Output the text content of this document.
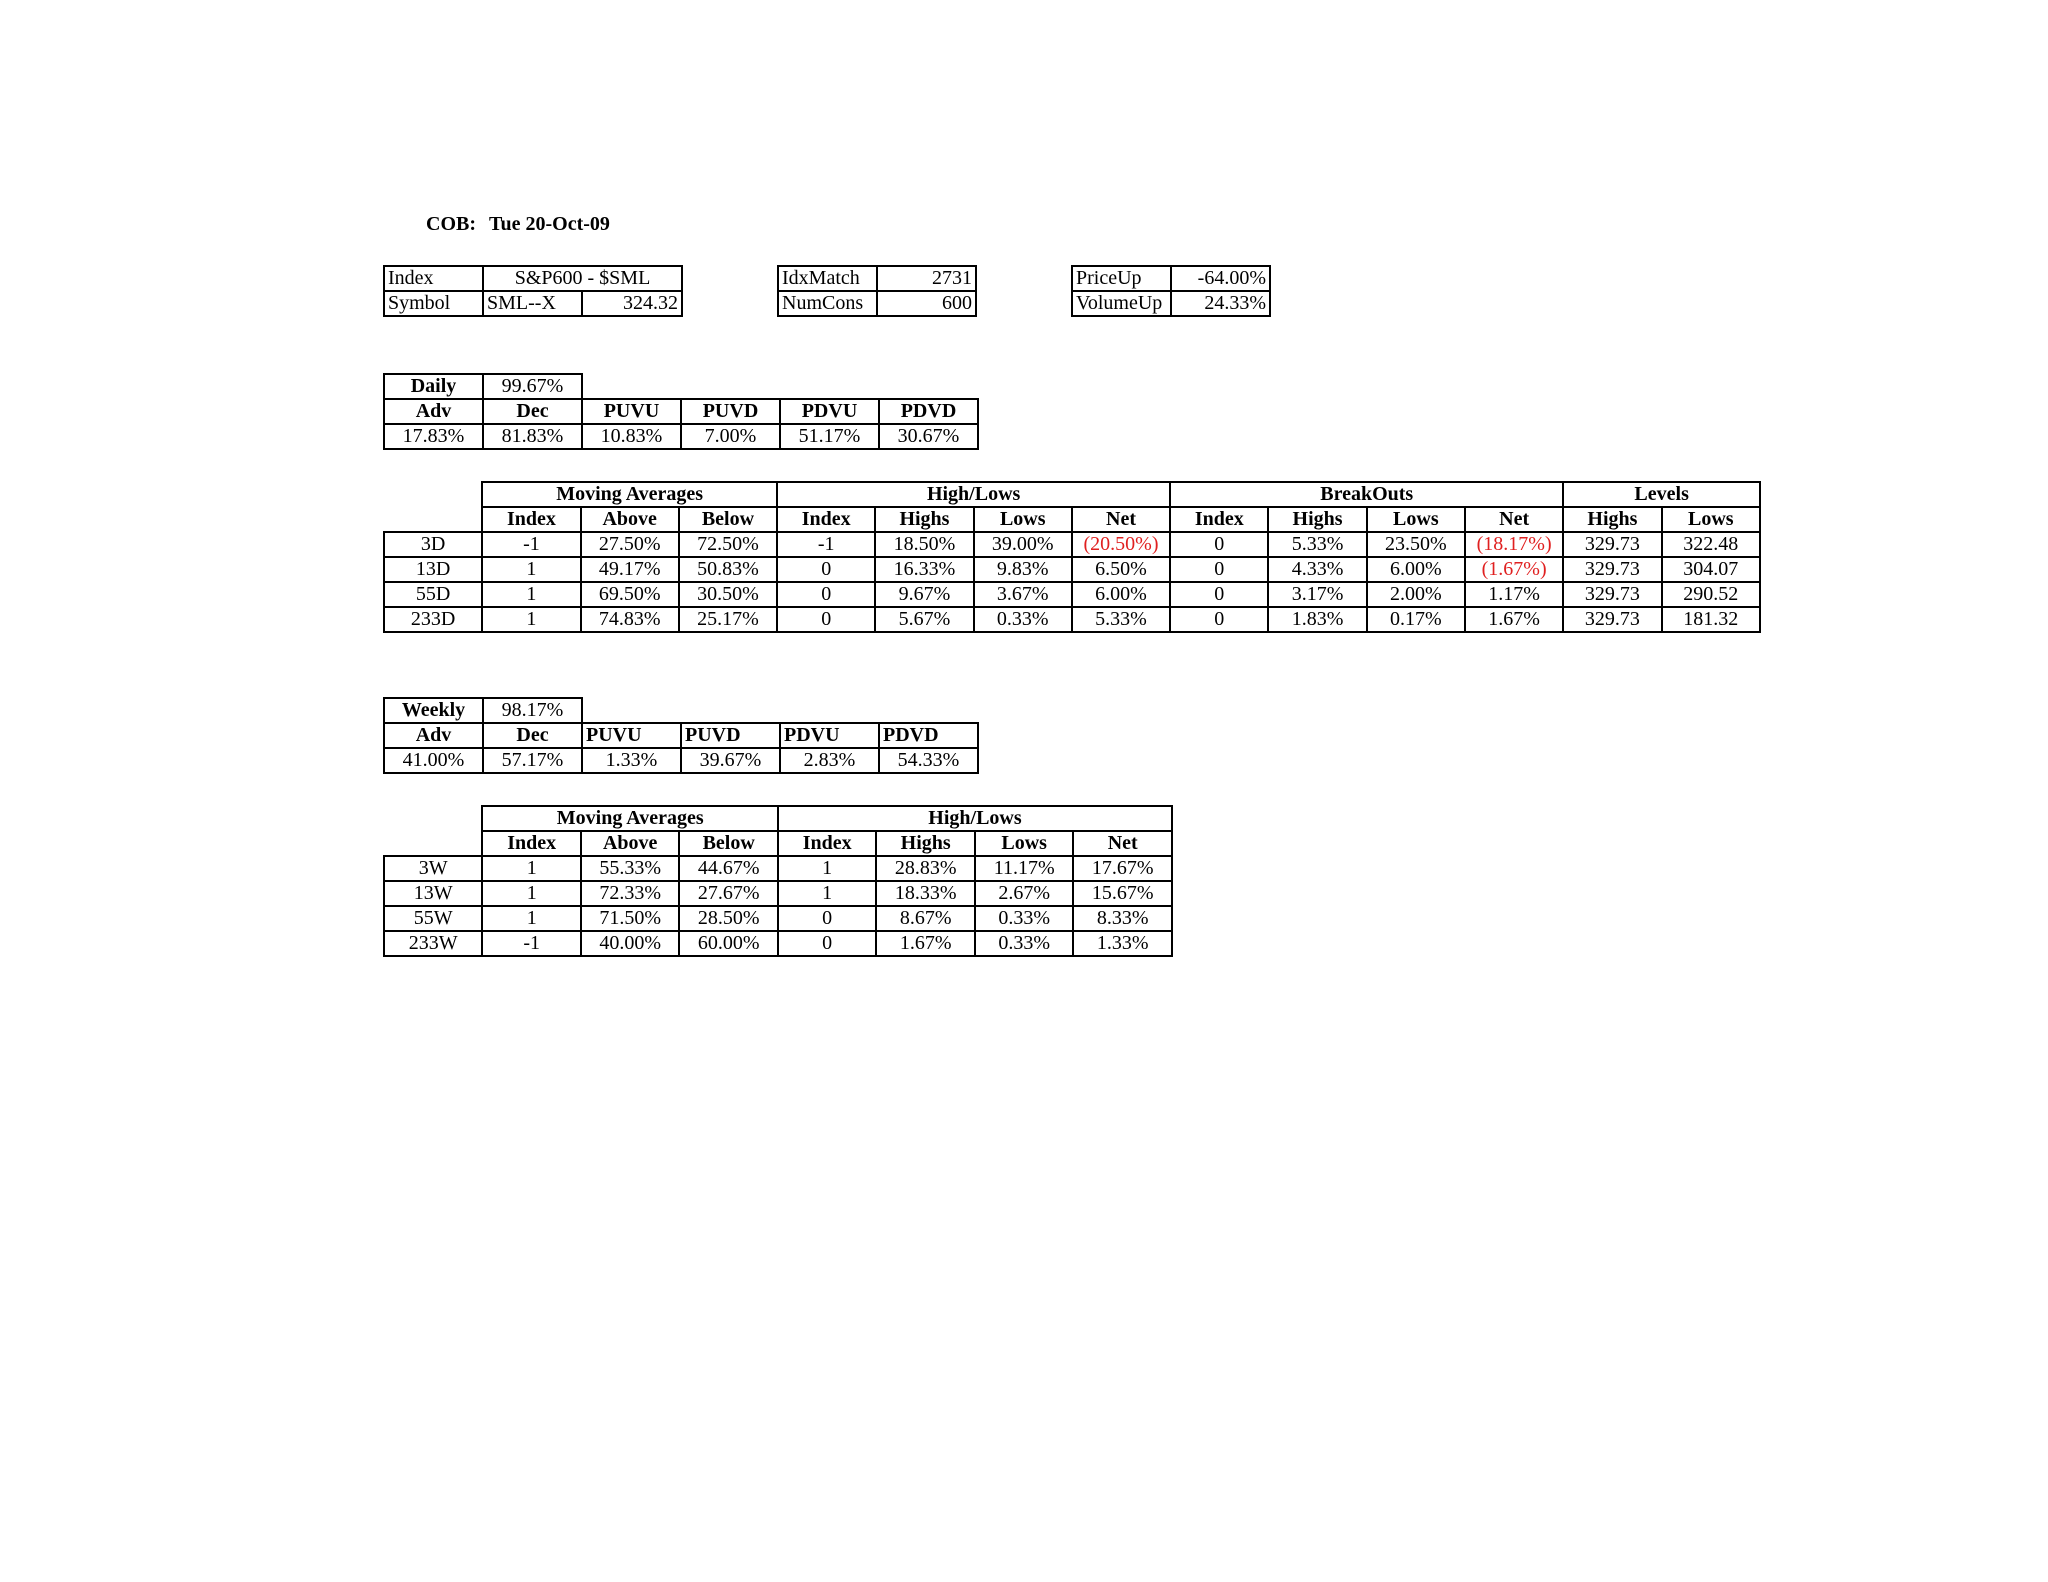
COB: Tue 20-Oct-09
Index	S&P600 - $SML	
Symbol	SML--X	324.32
IdxMatch	2731
NumCons	600
PriceUp	-64.00%
VolumeUp	24.33%
Daily	99.67%				
Adv	Dec	PUVU	PUVD	PDVU	PDVD
17.83%	81.83%	10.83%	7.00%	51.17%	30.67%
	Moving Averages			High/Lows				BreakOuts				Levels	
	Index	Above	Below	Index	Highs	Lows	Net	Index	Highs	Lows	Net	Highs	Lows
3D	-1	27.50%	72.50%	-1	18.50%	39.00%	(20.50%)	0	5.33%	23.50%	(18.17%)	329.73	322.48
13D	1	49.17%	50.83%	0	16.33%	9.83%	6.50%	0	4.33%	6.00%	(1.67%)	329.73	304.07
55D	1	69.50%	30.50%	0	9.67%	3.67%	6.00%	0	3.17%	2.00%	1.17%	329.73	290.52
233D	1	74.83%	25.17%	0	5.67%	0.33%	5.33%	0	1.83%	0.17%	1.67%	329.73	181.32
Weekly	98.17%				
Adv	Dec	PUVU	PUVD	PDVU	PDVD
41.00%	57.17%	1.33%	39.67%	2.83%	54.33%
	Moving Averages			High/Lows			
	Index	Above	Below	Index	Highs	Lows	Net
3W	1	55.33%	44.67%	1	28.83%	11.17%	17.67%
13W	1	72.33%	27.67%	1	18.33%	2.67%	15.67%
55W	1	71.50%	28.50%	0	8.67%	0.33%	8.33%
233W	-1	40.00%	60.00%	0	1.67%	0.33%	1.33%
